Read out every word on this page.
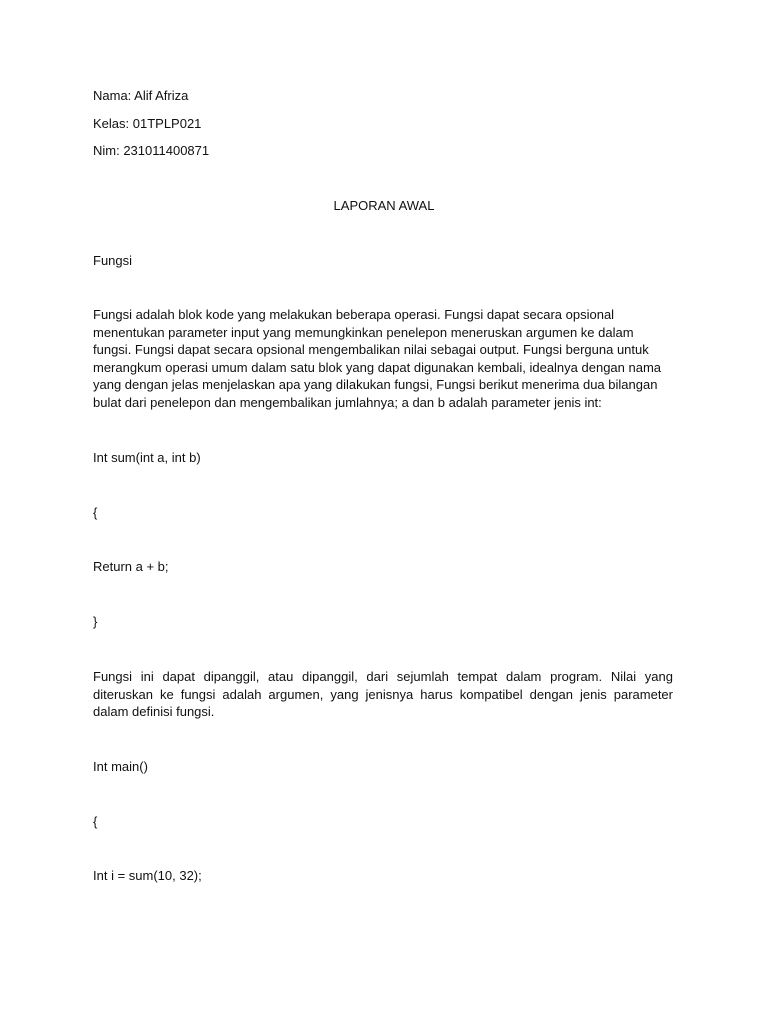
Nama: Alif Afriza
Kelas: 01TPLP021
Nim: 231011400871
LAPORAN AWAL
Fungsi
Fungsi adalah blok kode yang melakukan beberapa operasi. Fungsi dapat secara opsional menentukan parameter input yang memungkinkan penelepon meneruskan argumen ke dalam fungsi. Fungsi dapat secara opsional mengembalikan nilai sebagai output. Fungsi berguna untuk merangkum operasi umum dalam satu blok yang dapat digunakan kembali, idealnya dengan nama yang dengan jelas menjelaskan apa yang dilakukan fungsi, Fungsi berikut menerima dua bilangan bulat dari penelepon dan mengembalikan jumlahnya; a dan b adalah parameter jenis int:
Int sum(int a, int b)
{
Return a + b;
}
Fungsi ini dapat dipanggil, atau dipanggil, dari sejumlah tempat dalam program. Nilai yang diteruskan ke fungsi adalah argumen, yang jenisnya harus kompatibel dengan jenis parameter dalam definisi fungsi.
Int main()
{
Int i = sum(10, 32);
